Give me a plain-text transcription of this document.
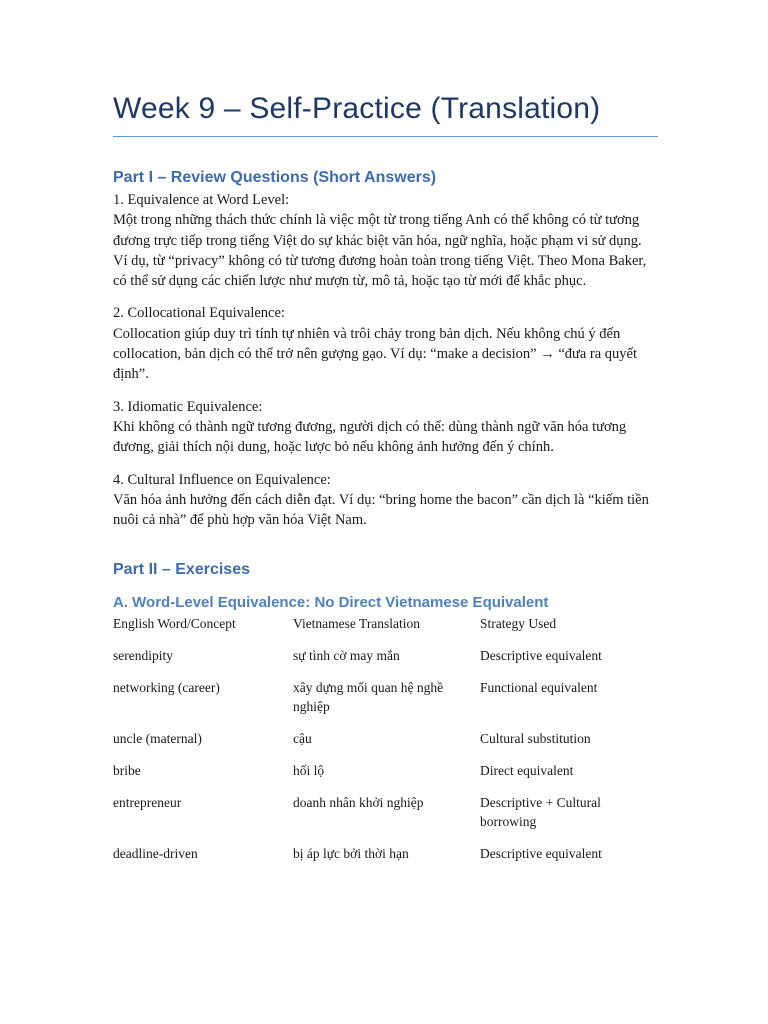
Week 9 – Self-Practice (Translation)
Part I – Review Questions (Short Answers)

1. Equivalence at Word Level:

Một trong những thách thức chính là việc một từ trong tiếng Anh có thể không có từ tương đương trực tiếp trong tiếng Việt do sự khác biệt văn hóa, ngữ nghĩa, hoặc phạm vi sử dụng. Ví dụ, từ “privacy” không có từ tương đương hoàn toàn trong tiếng Việt. Theo Mona Baker, có thể sử dụng các chiến lược như mượn từ, mô tả, hoặc tạo từ mới để khắc phục.

2. Collocational Equivalence:

Collocation giúp duy trì tính tự nhiên và trôi chảy trong bản dịch. Nếu không chú ý đến collocation, bản dịch có thể trở nên gượng gạo. Ví dụ: “make a decision” → “đưa ra quyết định”.

3. Idiomatic Equivalence:

Khi không có thành ngữ tương đương, người dịch có thể: dùng thành ngữ văn hóa tương đương, giải thích nội dung, hoặc lược bỏ nếu không ảnh hưởng đến ý chính.

4. Cultural Influence on Equivalence:

Văn hóa ảnh hưởng đến cách diễn đạt. Ví dụ: “bring home the bacon” cần dịch là “kiếm tiền nuôi cả nhà” để phù hợp văn hóa Việt Nam.

Part II – Exercises
A. Word-Level Equivalence: No Direct Vietnamese Equivalent
English Word/Concept	Vietnamese Translation	Strategy Used
serendipity	sự tình cờ may mắn	Descriptive equivalent
networking (career)	xây dựng mối quan hệ nghề nghiệp	Functional equivalent
uncle (maternal)	cậu	Cultural substitution
bribe	hối lộ	Direct equivalent
entrepreneur	doanh nhân khởi nghiệp	Descriptive + Cultural borrowing
deadline-driven	bị áp lực bởi thời hạn	Descriptive equivalent
